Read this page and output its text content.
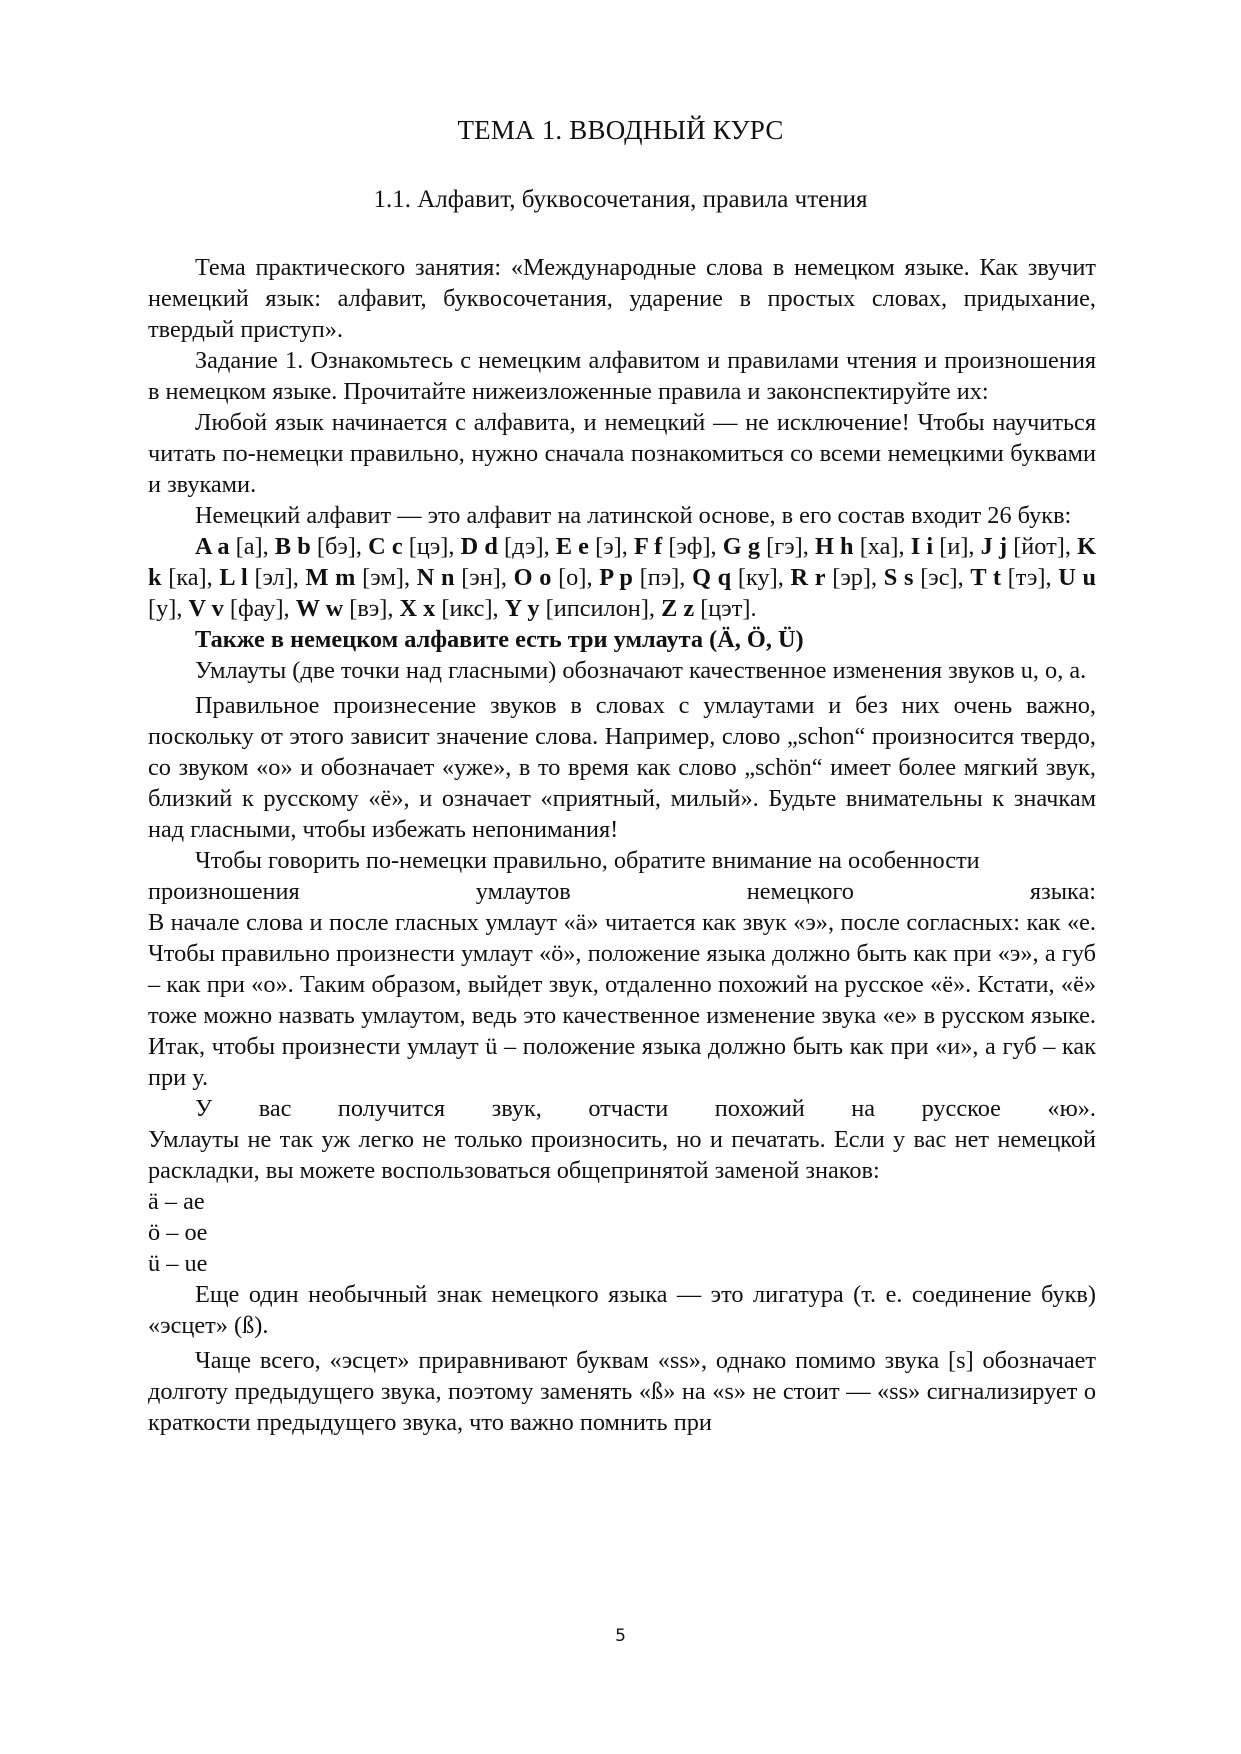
ТЕМА 1. ВВОДНЫЙ КУРС
1.1. Алфавит, буквосочетания, правила чтения

Тема практического занятия: «Международные слова в немецком языке. Как звучит немецкий язык: алфавит, буквосочетания, ударение в простых словах, придыхание, твердый приступ».

Задание 1. Ознакомьтесь с немецким алфавитом и правилами чтения и произношения в немецком языке. Прочитайте нижеизложенные правила и законспектируйте их:

Любой язык начинается с алфавита, и немецкий — не исключение! Чтобы научиться читать по-немецки правильно, нужно сначала познакомиться со всеми немецкими буквами и звуками.

Немецкий алфавит — это алфавит на латинской основе, в его состав входит 26 букв:

A a [а], B b [бэ], C c [цэ], D d [дэ], E e [э], F f [эф], G g [гэ], H h [ха], I i [и], J j [йот], K k [ка], L l [эл], M m [эм], N n [эн], O o [о], P p [пэ], Q q [ку], R r [эр], S s [эс], T t [тэ], U u [у], V v [фау], W w [вэ], X x [икс], Y y [ипсилон], Z z [цэт].

Также в немецком алфавите есть три умлаута (Ä, Ö, Ü)

Умлауты (две точки над гласными) обозначают качественное изменения звуков u, o, a.

Правильное произнесение звуков в словах с умлаутами и без них очень важно, поскольку от этого зависит значение слова. Например, слово „schon“ произносится твердо, со звуком «о» и обозначает «уже», в то время как слово „schön“ имеет более мягкий звук, близкий к русскому «ё», и означает «приятный, милый». Будьте внимательны к значкам над гласными, чтобы избежать непонимания!

Чтобы говорить по-немецки правильно, обратите внимание на особенности

произношения	умлаутов	немецкого	языка:

В начале слова и после гласных умлаут «ä» читается как звук «э», после согласных: как «е. Чтобы правильно произнести умлаут «ö», положение языка должно быть как при «э», а губ – как при «о». Таким образом, выйдет звук, отдаленно похожий на русское «ё». Кстати, «ё» тоже можно назвать умлаутом, ведь это качественное изменение звука «е» в русском языке. Итак, чтобы произнести умлаут ü – положение языка должно быть как при «и», а губ – как при у.

У вас получится звук, отчасти похожий на русское «ю».

Умлауты не так уж легко не только произносить, но и печатать. Если у вас нет немецкой раскладки, вы можете воспользоваться общепринятой заменой знаков:

ä – ae
ö – oe
ü – ue

Еще один необычный знак немецкого языка — это лигатура (т. е. соединение букв) «эсцет» (ß).

Чаще всего, «эсцет» приравнивают буквам «ss», однако помимо звука [s] обозначает долготу предыдущего звука, поэтому заменять «ß» на «s» не стоит — «ss» сигнализирует о краткости предыдущего звука, что важно помнить при

5
